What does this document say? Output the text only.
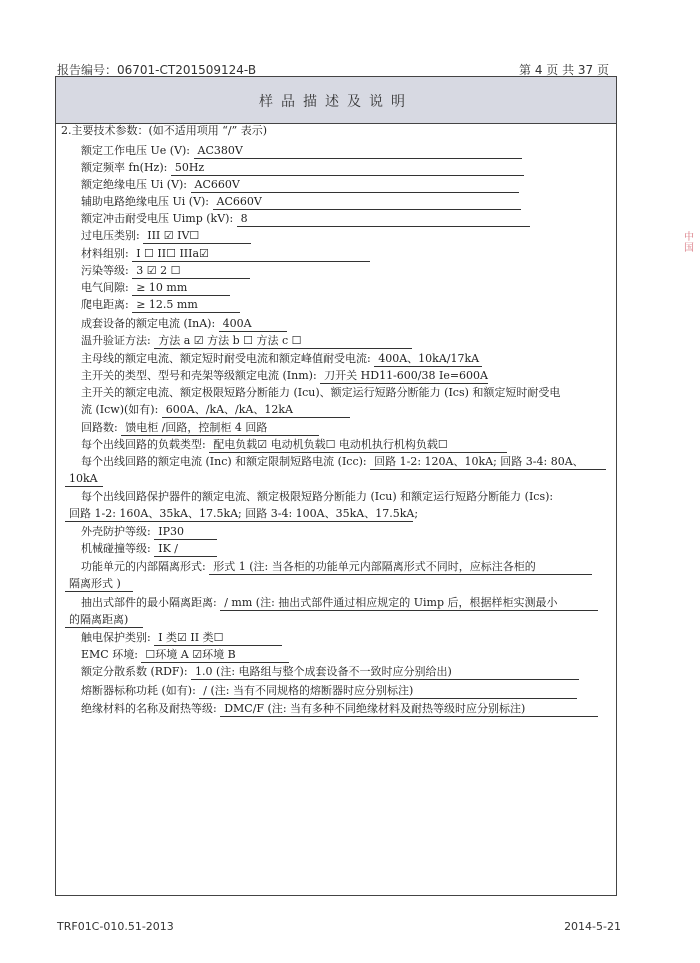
报告编号：06701-CT201509124-B	第 4 页 共 37 页
样品描述及说明
2.主要技术参数：(如不适用项用 “/” 表示)
额定工作电压 Ue (V): AC380V
额定频率 fn(Hz): 50Hz
额定绝缘电压 Ui (V): AC660V
辅助电路绝缘电压 Ui (V): AC660V
额定冲击耐受电压 Uimp (kV): 8
过电压类别: III ☑ IV☐
材料组别: I ☐ II☐ IIIa☑
污染等级: 3 ☑ 2 ☐
电气间隙: ≥ 10 mm
爬电距离: ≥ 12.5 mm
成套设备的额定电流 (InA): 400A
温升验证方法: 方法 a ☑ 方法 b ☐ 方法 c ☐
主母线的额定电流、额定短时耐受电流和额定峰值耐受电流: 400A、10kA/17kA
主开关的类型、型号和壳架等级额定电流 (Inm): 刀开关 HD11-600/38 Ie=600A
主开关的额定电流、额定极限短路分断能力 (Icu)、额定运行短路分断能力 (Ics) 和额定短时耐受电
流 (Icw)(如有): 600A、/kA、/kA、12kA
回路数: 馈电柜 /回路，控制柜 4 回路
每个出线回路的负载类型: 配电负载☑ 电动机负载☐ 电动机执行机构负载☐
每个出线回路的额定电流 (Inc) 和额定限制短路电流 (Icc): 回路 1-2: 120A、10kA; 回路 3-4: 80A、
10kA
每个出线回路保护器件的额定电流、额定极限短路分断能力 (Icu) 和额定运行短路分断能力 (Ics):
回路 1-2: 160A、35kA、17.5kA; 回路 3-4: 100A、35kA、17.5kA;
外壳防护等级: IP30
机械碰撞等级: IK /
功能单元的内部隔离形式: 形式 1 (注: 当各柜的功能单元内部隔离形式不同时，应标注各柜的
隔离形式 )
抽出式部件的最小隔离距离: / mm (注: 抽出式部件通过相应规定的 Uimp 后，根据样柜实测最小
的隔离距离)
触电保护类别: I 类☑ II 类☐
EMC 环境: ☐环境 A ☑环境 B
额定分散系数 (RDF): 1.0 (注: 电路组与整个成套设备不一致时应分别给出)
熔断器标称功耗 (如有): / (注: 当有不同规格的熔断器时应分别标注)
绝缘材料的名称及耐热等级: DMC/F (注: 当有多种不同绝缘材料及耐热等级时应分别标注)
中国
TRF01C-010.51-2013	2014-5-21
